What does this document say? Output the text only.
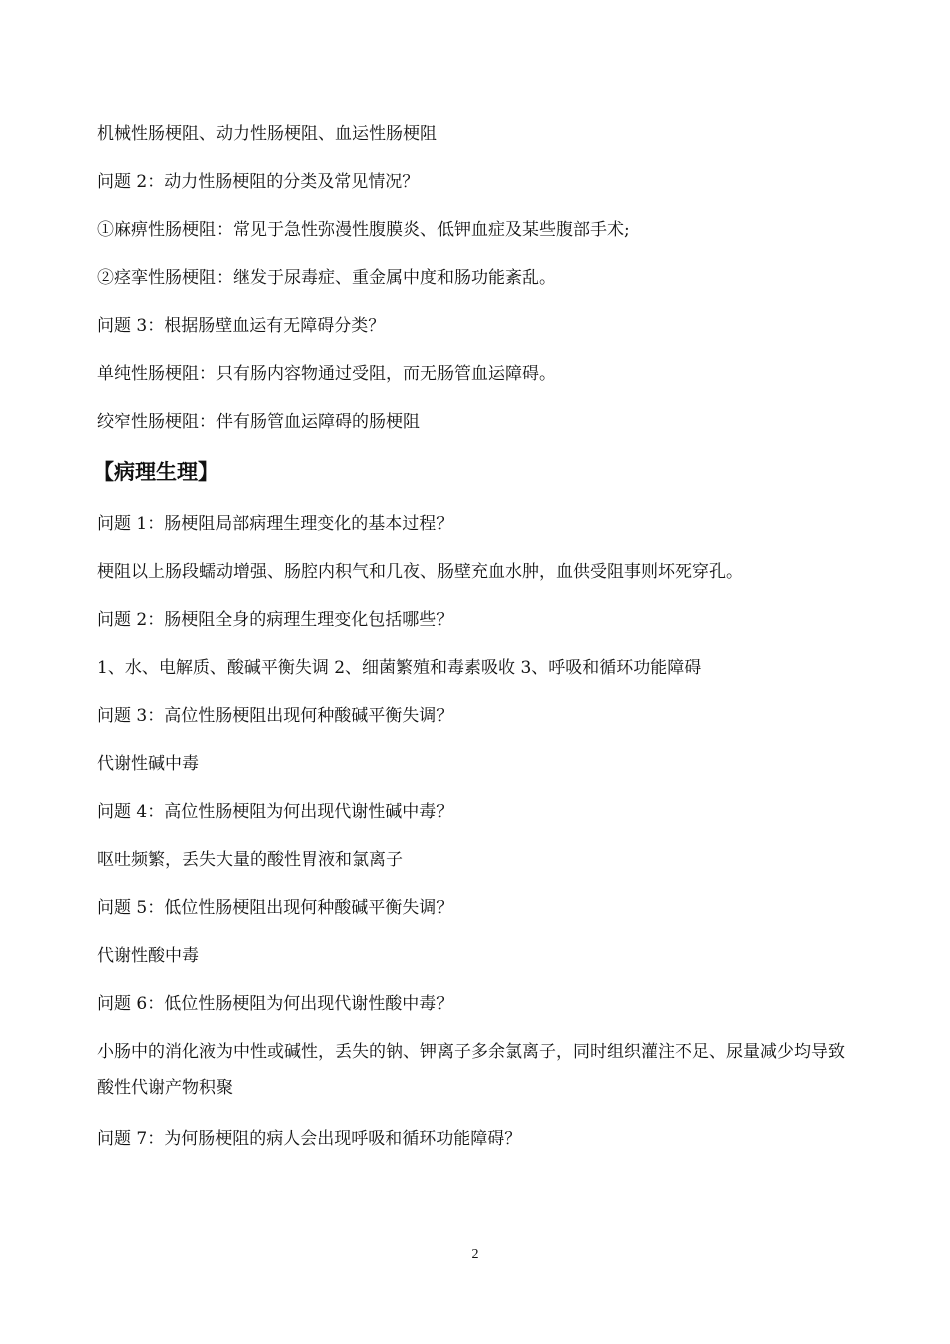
机械性肠梗阻、动力性肠梗阻、血运性肠梗阻

问题 2：动力性肠梗阻的分类及常见情况？

①麻痹性肠梗阻：常见于急性弥漫性腹膜炎、低钾血症及某些腹部手术;

②痉挛性肠梗阻：继发于尿毒症、重金属中度和肠功能紊乱。

问题 3：根据肠壁血运有无障碍分类？

单纯性肠梗阻：只有肠内容物通过受阻，而无肠管血运障碍。

绞窄性肠梗阻：伴有肠管血运障碍的肠梗阻

【病理生理】

问题 1：肠梗阻局部病理生理变化的基本过程？

梗阻以上肠段蠕动增强、肠腔内积气和几夜、肠壁充血水肿，血供受阻事则坏死穿孔。

问题 2：肠梗阻全身的病理生理变化包括哪些？

1、水、电解质、酸碱平衡失调 2、细菌繁殖和毒素吸收 3、呼吸和循环功能障碍

问题 3：高位性肠梗阻出现何种酸碱平衡失调？

代谢性碱中毒

问题 4：高位性肠梗阻为何出现代谢性碱中毒？

呕吐频繁，丢失大量的酸性胃液和氯离子

问题 5：低位性肠梗阻出现何种酸碱平衡失调？

代谢性酸中毒

问题 6：低位性肠梗阻为何出现代谢性酸中毒？

小肠中的消化液为中性或碱性，丢失的钠、钾离子多余氯离子，同时组织灌注不足、尿量减少均导致酸性代谢产物积聚

问题 7：为何肠梗阻的病人会出现呼吸和循环功能障碍？

2
